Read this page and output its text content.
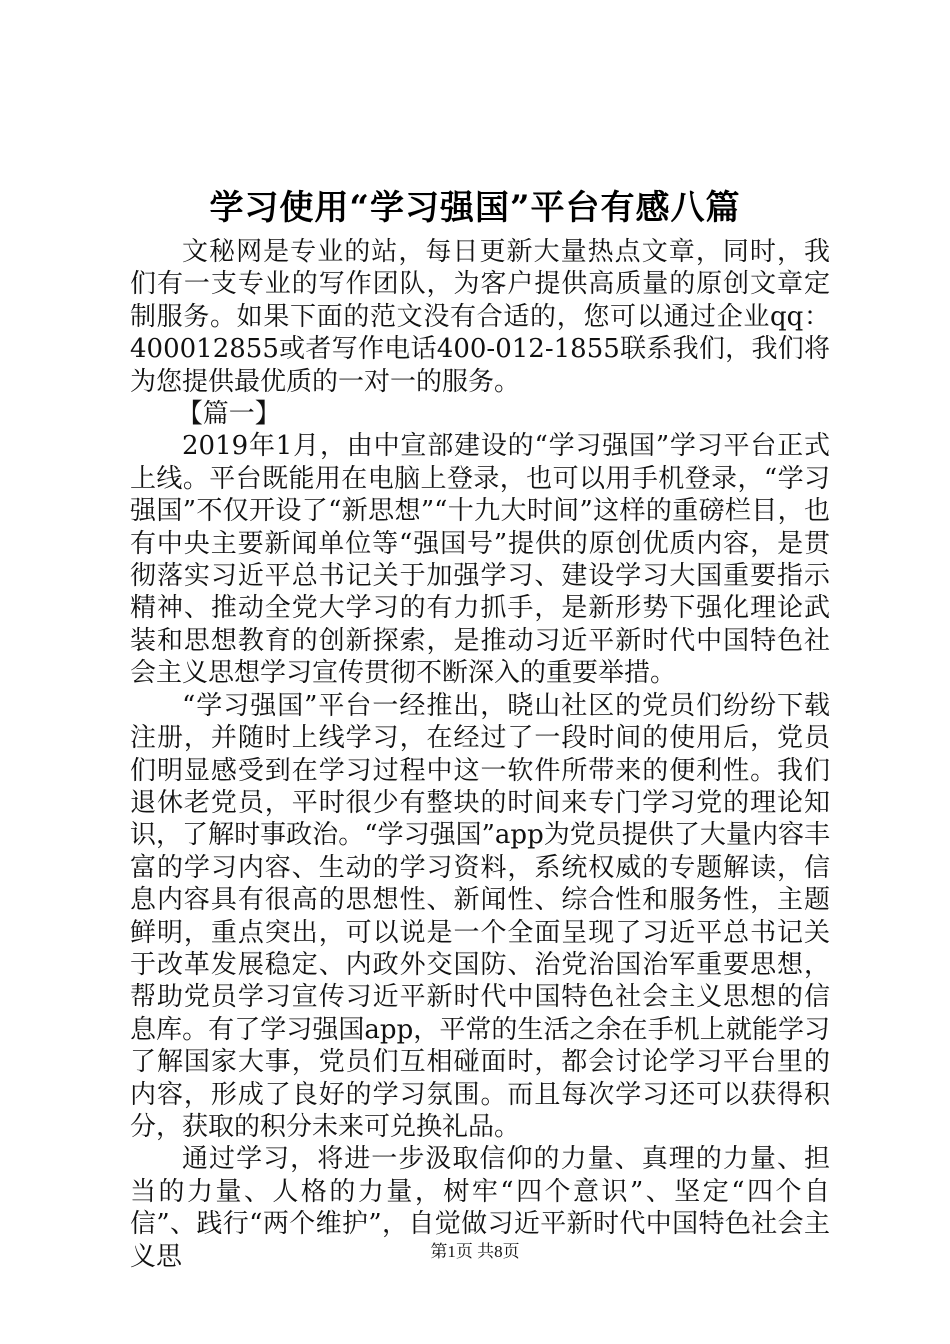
学习使用“学习强国”平台有感八篇

文秘网是专业的站，每日更新大量热点文章，同时，我们有一支专业的写作团队，为客户提供高质量的原创文章定制服务。如果下面的范文没有合适的，您可以通过企业qq：400012855或者写作电话400-012-1855联系我们，我们将为您提供最优质的一对一的服务。

【篇一】

2019年1月，由中宣部建设的“学习强国”学习平台正式上线。平台既能用在电脑上登录，也可以用手机登录，“学习强国”不仅开设了“新思想”“十九大时间”这样的重磅栏目，也有中央主要新闻单位等“强国号”提供的原创优质内容，是贯彻落实习近平总书记关于加强学习、建设学习大国重要指示精神、推动全党大学习的有力抓手，是新形势下强化理论武装和思想教育的创新探索，是推动习近平新时代中国特色社会主义思想学习宣传贯彻不断深入的重要举措。

“学习强国”平台一经推出，晓山社区的党员们纷纷下载注册，并随时上线学习，在经过了一段时间的使用后，党员们明显感受到在学习过程中这一软件所带来的便利性。我们退休老党员，平时很少有整块的时间来专门学习党的理论知识，了解时事政治。“学习强国”app为党员提供了大量内容丰富的学习内容、生动的学习资料，系统权威的专题解读，信息内容具有很高的思想性、新闻性、综合性和服务性，主题鲜明，重点突出，可以说是一个全面呈现了习近平总书记关于改革发展稳定、内政外交国防、治党治国治军重要思想，帮助党员学习宣传习近平新时代中国特色社会主义思想的信息库。有了学习强国app，平常的生活之余在手机上就能学习了解国家大事，党员们互相碰面时，都会讨论学习平台里的内容，形成了良好的学习氛围。而且每次学习还可以获得积分，获取的积分未来可兑换礼品。

通过学习，将进一步汲取信仰的力量、真理的力量、担当的力量、人格的力量，树牢“四个意识”、坚定“四个自信”、践行“两个维护”，自觉做习近平新时代中国特色社会主义思	第1页 共8页
